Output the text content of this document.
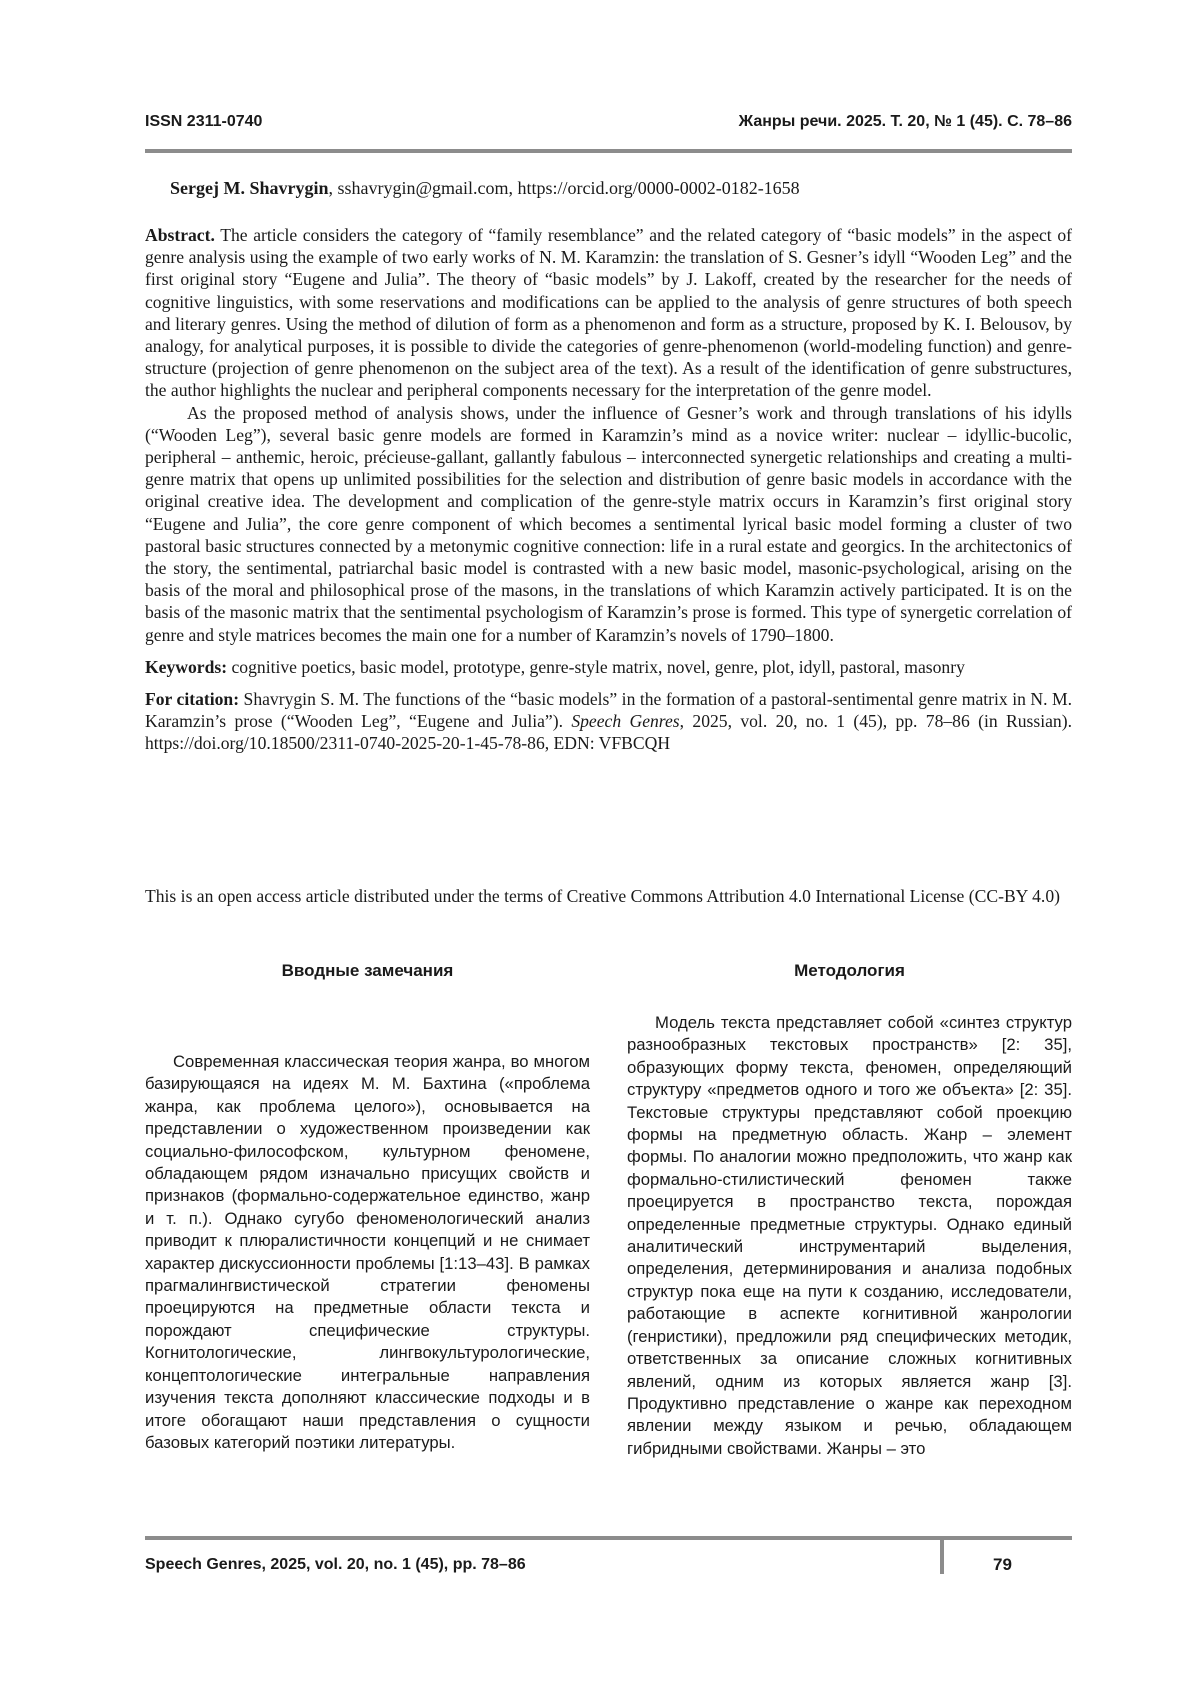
ISSN 2311-0740	Жанры речи. 2025. Т. 20, № 1 (45). С. 78–86
Sergej M. Shavrygin, sshavrygin@gmail.com, https://orcid.org/0000-0002-0182-1658

Abstract. The article considers the category of “family resemblance” and the related category of “basic models” in the aspect of genre analysis using the example of two early works of N. M. Karamzin: the translation of S. Gesner’s idyll “Wooden Leg” and the first original story “Eugene and Julia”. The theory of “basic models” by J. Lakoff, created by the researcher for the needs of cognitive linguistics, with some reservations and modifications can be applied to the analysis of genre structures of both speech and literary genres. Using the method of dilution of form as a phenomenon and form as a structure, proposed by K. I. Belousov, by analogy, for analytical purposes, it is possible to divide the categories of genre-phenomenon (world-modeling function) and genre-structure (projection of genre phenomenon on the subject area of the text). As a result of the identification of genre substructures, the author highlights the nuclear and peripheral components necessary for the interpretation of the genre model.

As the proposed method of analysis shows, under the influence of Gesner’s work and through translations of his idylls (“Wooden Leg”), several basic genre models are formed in Karamzin’s mind as a novice writer: nuclear – idyllic-bucolic, peripheral – anthemic, heroic, précieuse-gallant, gallantly fabulous – interconnected synergetic relationships and creating a multi-genre matrix that opens up unlimited possibilities for the selection and distribution of genre basic models in accordance with the original creative idea. The development and complication of the genre-style matrix occurs in Karamzin’s first original story “Eugene and Julia”, the core genre component of which becomes a sentimental lyrical basic model forming a cluster of two pastoral basic structures connected by a metonymic cognitive connection: life in a rural estate and georgics. In the architectonics of the story, the sentimental, patriarchal basic model is contrasted with a new basic model, masonic-psychological, arising on the basis of the moral and philosophical prose of the masons, in the translations of which Karamzin actively participated. It is on the basis of the masonic matrix that the sentimental psychologism of Karamzin’s prose is formed. This type of synergetic correlation of genre and style matrices becomes the main one for a number of Karamzin’s novels of 1790–1800.

Keywords: cognitive poetics, basic model, prototype, genre-style matrix, novel, genre, plot, idyll, pastoral, masonry

For citation: Shavrygin S. M. The functions of the “basic models” in the formation of a pastoral-sentimental genre matrix in N. M. Karamzin’s prose (“Wooden Leg”, “Eugene and Julia”). Speech Genres, 2025, vol. 20, no. 1 (45), pp. 78–86 (in Russian). https://doi.org/10.18500/2311-0740-2025-20-1-45-78-86, EDN: VFBCQH

This is an open access article distributed under the terms of Creative Commons Attribution 4.0 International License (CC-BY 4.0)
Вводные замечания

Современная классическая теория жанра, во многом базирующаяся на идеях М. М. Бахтина («проблема жанра, как проблема целого»), основывается на представлении о художественном произведении как социально-философском, культурном феномене, обладающем рядом изначально присущих свойств и признаков (формально-содержательное единство, жанр и т. п.). Однако сугубо феноменологический анализ приводит к плюралистичности концепций и не снимает характер дискуссионности проблемы [1:13–43]. В рамках прагмалингвистической стратегии феномены проецируются на предметные области текста и порождают специфические структуры. Когнитологические, лингвокультурологические, концептологические интегральные направления изучения текста дополняют классические подходы и в итоге обогащают наши представления о сущности базовых категорий поэтики литературы.

Методология

Модель текста представляет собой «синтез структур разнообразных текстовых пространств» [2: 35], образующих форму текста, феномен, определяющий структуру «предметов одного и того же объекта» [2: 35]. Текстовые структуры представляют собой проекцию формы на предметную область. Жанр – элемент формы. По аналогии можно предположить, что жанр как формально-стилистический феномен также проецируется в пространство текста, порождая определенные предметные структуры. Однако единый аналитический инструментарий выделения, определения, детерминирования и анализа подобных структур пока еще на пути к созданию, исследователи, работающие в аспекте когнитивной жанрологии (генристики), предложили ряд специфических методик, ответственных за описание сложных когнитивных явлений, одним из которых является жанр [3]. Продуктивно представление о жанре как переходном явлении между языком и речью, обладающем гибридными свойствами. Жанры – это

Speech Genres, 2025, vol. 20, no. 1 (45), pp. 78–86	79
